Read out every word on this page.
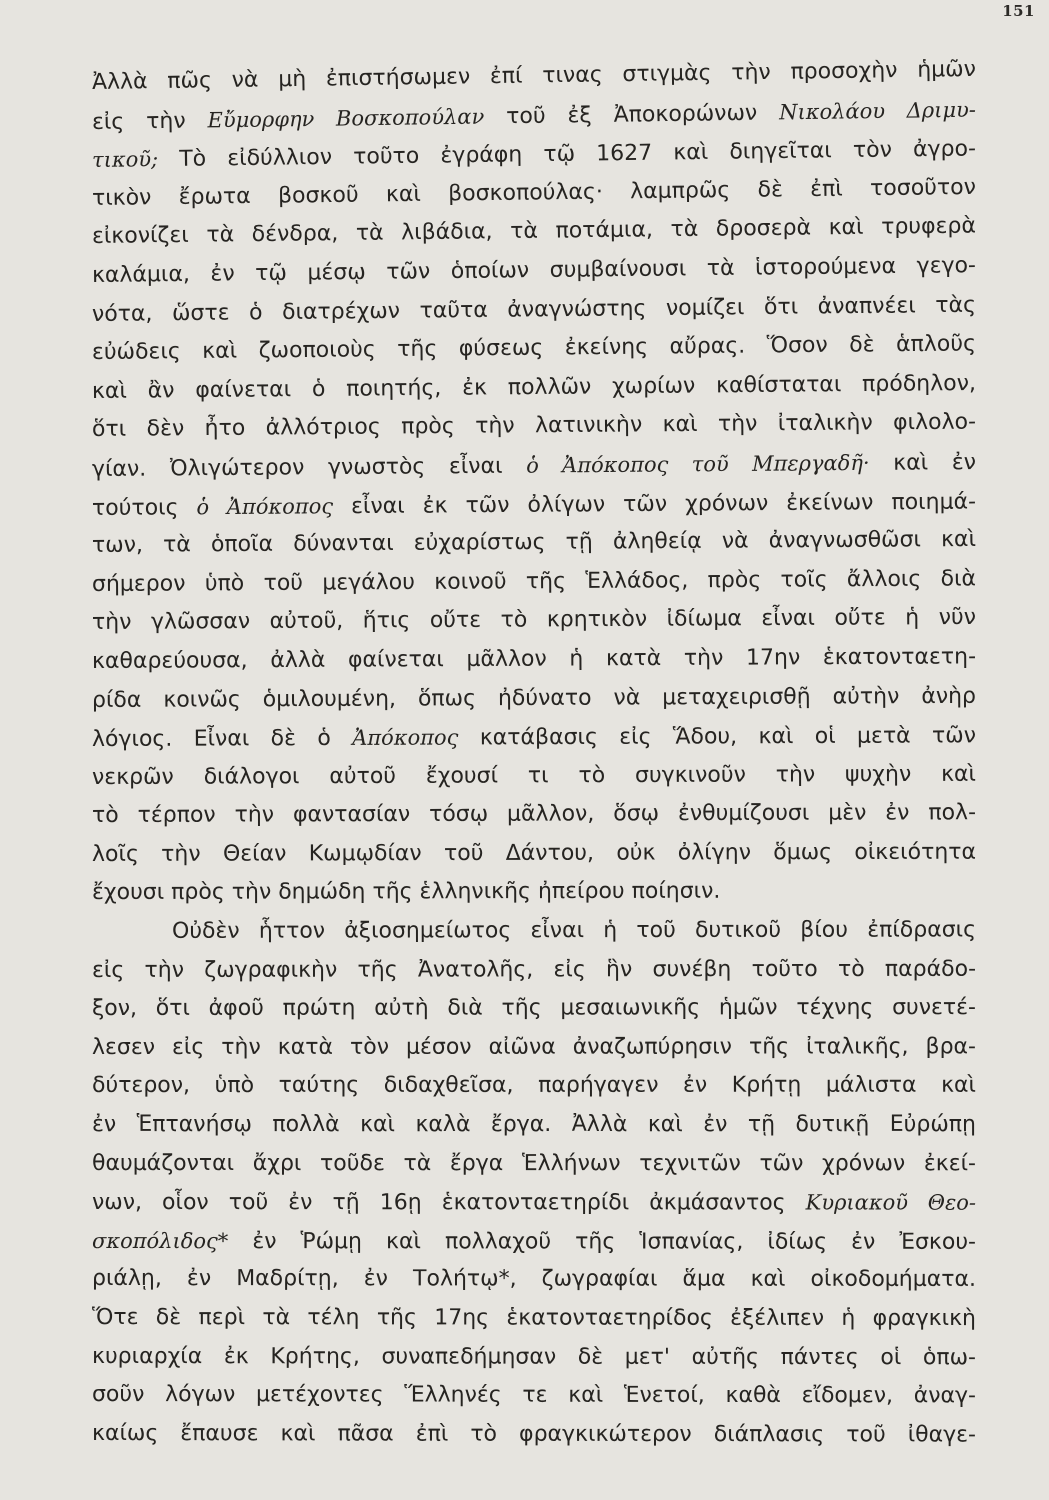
151
Ἀλλὰ πῶς νὰ μὴ ἐπιστήσωμεν ἐπί τινας στιγμὰς τὴν προσοχὴν ἡμῶν
εἰς τὴν Εὔμορφην Βοσκοπούλαν τοῦ ἐξ Ἀποκορώνων Νικολάου Δριμυ-
τικοῦ; Τὸ εἰδύλλιον τοῦτο ἐγράφη τῷ 1627 καὶ διηγεῖται τὸν ἀγρο-
τικὸν ἔρωτα βοσκοῦ καὶ βοσκοπούλας· λαμπρῶς δὲ ἐπὶ τοσοῦτον
εἰκονίζει τὰ δένδρα, τὰ λιβάδια, τὰ ποτάμια, τὰ δροσερὰ καὶ τρυφερὰ
καλάμια, ἐν τῷ μέσῳ τῶν ὁποίων συμβαίνουσι τὰ ἱστορούμενα γεγο-
νότα, ὥστε ὁ διατρέχων ταῦτα ἀναγνώστης νομίζει ὅτι ἀναπνέει τὰς
εὐώδεις καὶ ζωοποιοὺς τῆς φύσεως ἐκείνης αὔρας. Ὅσον δὲ ἁπλοῦς
καὶ ἂν φαίνεται ὁ ποιητής, ἐκ πολλῶν χωρίων καθίσταται πρόδηλον,
ὅτι δὲν ἦτο ἀλλότριος πρὸς τὴν λατινικὴν καὶ τὴν ἰταλικὴν φιλολο-
γίαν. Ὀλιγώτερον γνωστὸς εἶναι ὁ Ἀπόκοπος τοῦ Μπεργαδῆ· καὶ ἐν
τούτοις ὁ Ἀπόκοπος εἶναι ἐκ τῶν ὀλίγων τῶν χρόνων ἐκείνων ποιημά-
των, τὰ ὁποῖα δύνανται εὐχαρίστως τῇ ἀληθείᾳ νὰ ἀναγνωσθῶσι καὶ
σήμερον ὑπὸ τοῦ μεγάλου κοινοῦ τῆς Ἑλλάδος, πρὸς τοῖς ἄλλοις διὰ
τὴν γλῶσσαν αὐτοῦ, ἥτις οὔτε τὸ κρητικὸν ἰδίωμα εἶναι οὔτε ἡ νῦν
καθαρεύουσα, ἀλλὰ φαίνεται μᾶλλον ἡ κατὰ τὴν 17ην ἑκατονταετη-
ρίδα κοινῶς ὁμιλουμένη, ὅπως ἠδύνατο νὰ μεταχειρισθῇ αὐτὴν ἀνὴρ
λόγιος. Εἶναι δὲ ὁ Ἀπόκοπος κατάβασις εἰς Ἅδου, καὶ οἱ μετὰ τῶν
νεκρῶν διάλογοι αὐτοῦ ἔχουσί τι τὸ συγκινοῦν τὴν ψυχὴν καὶ
τὸ τέρπον τὴν φαντασίαν τόσῳ μᾶλλον, ὅσῳ ἐνθυμίζουσι μὲν ἐν πολ-
λοῖς τὴν Θείαν Κωμῳδίαν τοῦ Δάντου, οὐκ ὀλίγην ὅμως οἰκειότητα
ἔχουσι πρὸς τὴν δημώδη τῆς ἑλληνικῆς ἠπείρου ποίησιν.
Οὐδὲν ἧττον ἀξιοσημείωτος εἶναι ἡ τοῦ δυτικοῦ βίου ἐπίδρασις
εἰς τὴν ζωγραφικὴν τῆς Ἀνατολῆς, εἰς ἣν συνέβη τοῦτο τὸ παράδο-
ξον, ὅτι ἀφοῦ πρώτη αὐτὴ διὰ τῆς μεσαιωνικῆς ἡμῶν τέχνης συνετέ-
λεσεν εἰς τὴν κατὰ τὸν μέσον αἰῶνα ἀναζωπύρησιν τῆς ἰταλικῆς, βρα-
δύτερον, ὑπὸ ταύτης διδαχθεῖσα, παρήγαγεν ἐν Κρήτῃ μάλιστα καὶ
ἐν Ἑπτανήσῳ πολλὰ καὶ καλὰ ἔργα. Ἀλλὰ καὶ ἐν τῇ δυτικῇ Εὐρώπῃ
θαυμάζονται ἄχρι τοῦδε τὰ ἔργα Ἑλλήνων τεχνιτῶν τῶν χρόνων ἐκεί-
νων, οἷον τοῦ ἐν τῇ 16ῃ ἑκατονταετηρίδι ἀκμάσαντος Κυριακοῦ Θεο-
σκοπόλιδος* ἐν Ῥώμῃ καὶ πολλαχοῦ τῆς Ἱσπανίας, ἰδίως ἐν Ἐσκου-
ριάλῃ, ἐν Μαδρίτῃ, ἐν Τολήτῳ*, ζωγραφίαι ἅμα καὶ οἰκοδομήματα.
Ὅτε δὲ περὶ τὰ τέλη τῆς 17ης ἑκατονταετηρίδος ἐξέλιπεν ἡ φραγκικὴ
κυριαρχία ἐκ Κρήτης, συναπεδήμησαν δὲ μετ' αὐτῆς πάντες οἱ ὁπω-
σοῦν λόγων μετέχοντες Ἕλληνές τε καὶ Ἑνετοί, καθὰ εἴδομεν, ἀναγ-
καίως ἔπαυσε καὶ πᾶσα ἐπὶ τὸ φραγκικώτερον διάπλασις τοῦ ἰθαγε-
